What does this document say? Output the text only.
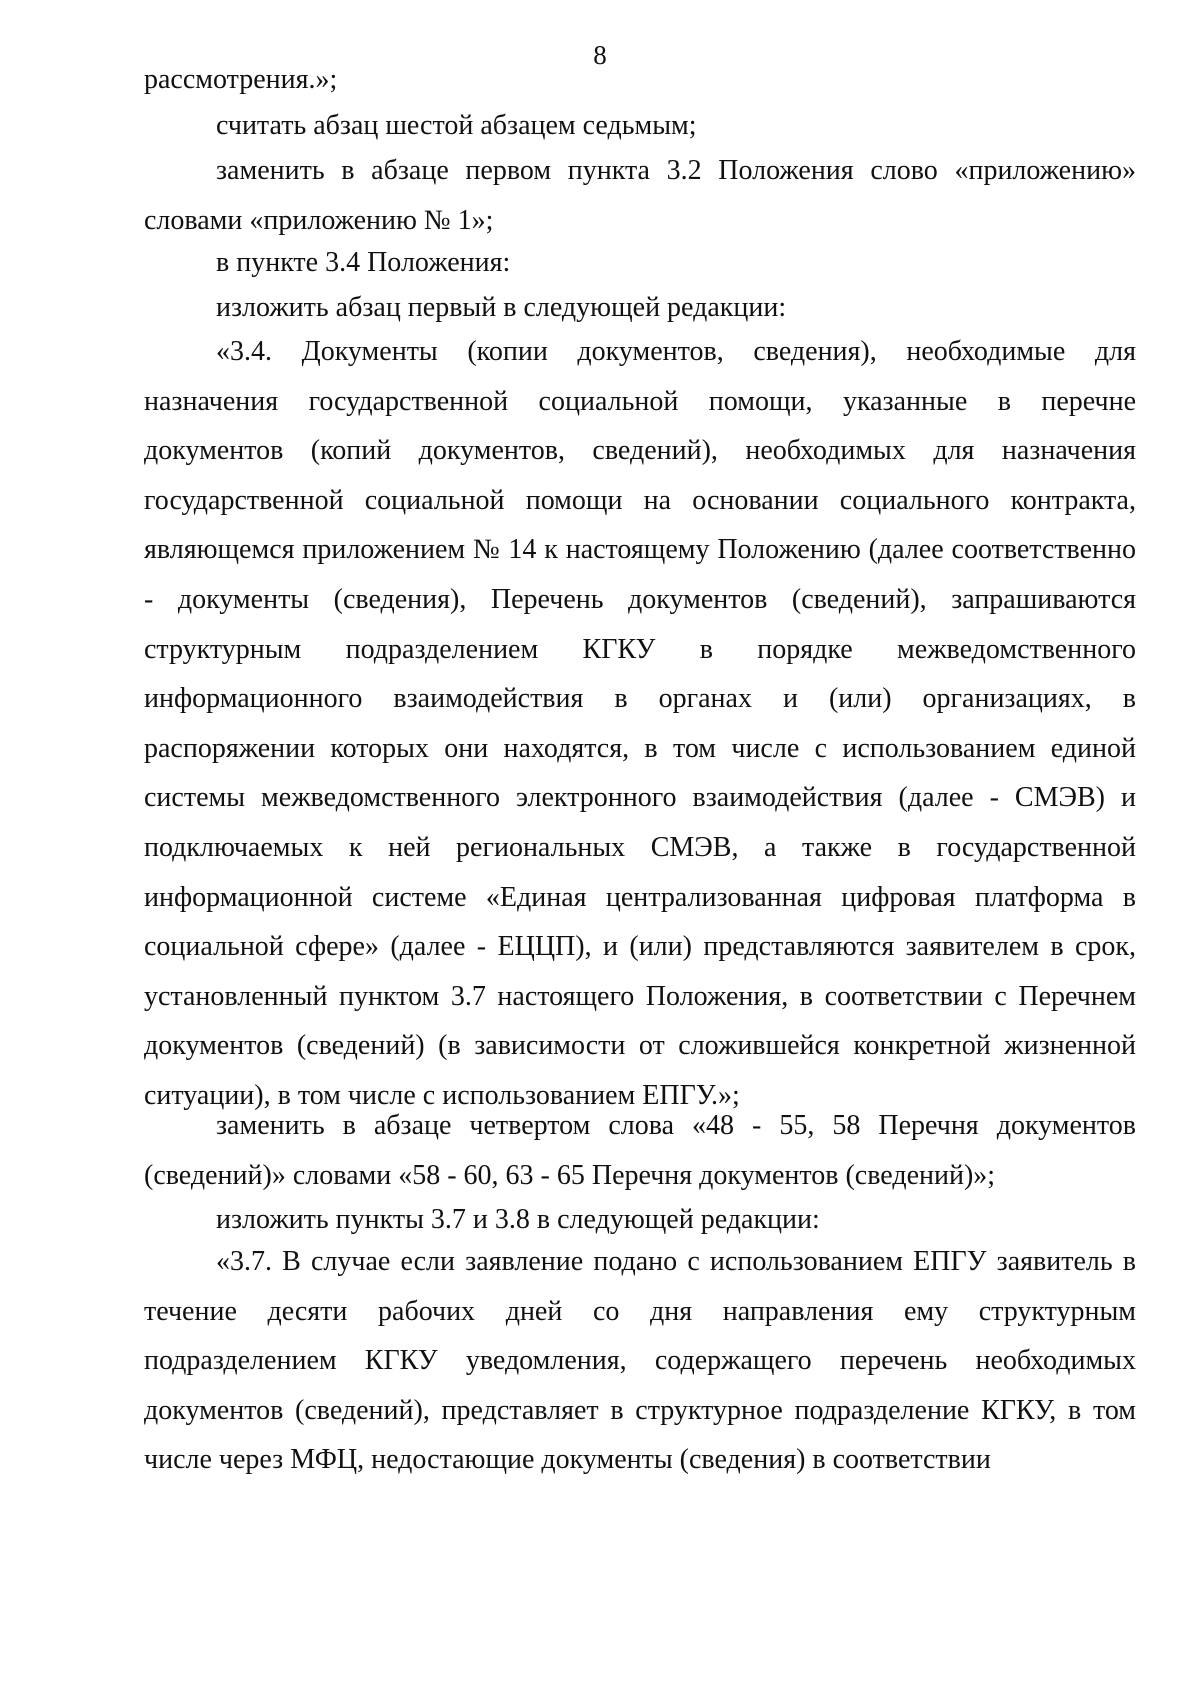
8

рассмотрения.»;

считать абзац шестой абзацем седьмым;

заменить в абзаце первом пункта 3.2 Положения слово «приложению» словами «приложению № 1»;

в пункте 3.4 Положения:

изложить абзац первый в следующей редакции:

«3.4. Документы (копии документов, сведения), необходимые для назначения государственной социальной помощи, указанные в перечне документов (копий документов, сведений), необходимых для назначения государственной социальной помощи на основании социального контракта, являющемся приложением № 14 к настоящему Положению (далее соответственно - документы (сведения), Перечень документов (сведений), запрашиваются структурным подразделением КГКУ в порядке межведомственного информационного взаимодействия в органах и (или) организациях, в распоряжении которых они находятся, в том числе с использованием единой системы межведомственного электронного взаимодействия (далее - СМЭВ) и подключаемых к ней региональных СМЭВ, а также в государственной информационной системе «Единая централизованная цифровая платформа в социальной сфере» (далее - ЕЦЦП), и (или) представляются заявителем в срок, установленный пунктом 3.7 настоящего Положения, в соответствии с Перечнем документов (сведений) (в зависимости от сложившейся конкретной жизненной ситуации), в том числе с использованием ЕПГУ.»;

заменить в абзаце четвертом слова «48 - 55, 58 Перечня документов (сведений)» словами «58 - 60, 63 - 65 Перечня документов (сведений)»;

изложить пункты 3.7 и 3.8 в следующей редакции:

«3.7. В случае если заявление подано с использованием ЕПГУ заявитель в течение десяти рабочих дней со дня направления ему структурным подразделением КГКУ уведомления, содержащего перечень необходимых документов (сведений), представляет в структурное подразделение КГКУ, в том числе через МФЦ, недостающие документы (сведения) в соответствии
